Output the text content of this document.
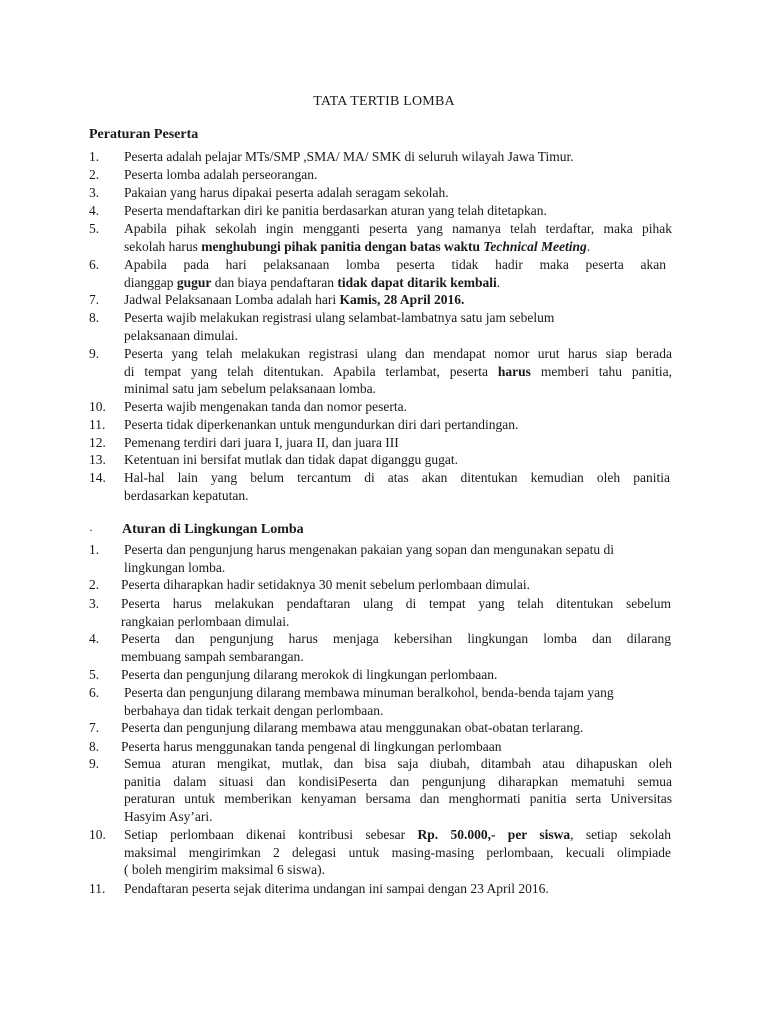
TATA TERTIB LOMBA
Peraturan Peserta
1. Peserta adalah pelajar MTs/SMP ,SMA/ MA/ SMK di seluruh wilayah Jawa Timur.
2. Peserta lomba adalah perseorangan.
3. Pakaian yang harus dipakai peserta adalah seragam sekolah.
4. Peserta mendaftarkan diri ke panitia berdasarkan aturan yang telah ditetapkan.
5. Apabila pihak sekolah ingin mengganti peserta yang namanya telah terdaftar, maka pihak
sekolah harus menghubungi pihak panitia dengan batas waktu Technical Meeting.
6. Apabila pada hari pelaksanaan lomba peserta tidak hadir maka peserta akan
dianggap gugur dan biaya pendaftaran tidak dapat ditarik kembali.
7. Jadwal Pelaksanaan Lomba adalah hari Kamis, 28 April 2016.
8. Peserta wajib melakukan registrasi ulang selambat-lambatnya satu jam sebelum
pelaksanaan dimulai.
9. Peserta yang telah melakukan registrasi ulang dan mendapat nomor urut harus siap berada
di tempat yang telah ditentukan. Apabila terlambat, peserta harus memberi tahu panitia,
minimal satu jam sebelum pelaksanaan lomba.
10. Peserta wajib mengenakan tanda dan nomor peserta.
11. Peserta tidak diperkenankan untuk mengundurkan diri dari pertandingan.
12. Pemenang terdiri dari juara I, juara II, dan juara III
13. Ketentuan ini bersifat mutlak dan tidak dapat diganggu gugat.
14. Hal-hal lain yang belum tercantum di atas akan ditentukan kemudian oleh panitia
berdasarkan kepatutan.
· Aturan di Lingkungan Lomba
1. Peserta dan pengunjung harus mengenakan pakaian yang sopan dan mengunakan sepatu di
lingkungan lomba.
2. Peserta diharapkan hadir setidaknya 30 menit sebelum perlombaan dimulai.
3. Peserta harus melakukan pendaftaran ulang di tempat yang telah ditentukan sebelum
rangkaian perlombaan dimulai.
4. Peserta dan pengunjung harus menjaga kebersihan lingkungan lomba dan dilarang
membuang sampah sembarangan.
5. Peserta dan pengunjung dilarang merokok di lingkungan perlombaan.
6. Peserta dan pengunjung dilarang membawa minuman beralkohol, benda-benda tajam yang
berbahaya dan tidak terkait dengan perlombaan.
7. Peserta dan pengunjung dilarang membawa atau menggunakan obat-obatan terlarang.
8. Peserta harus menggunakan tanda pengenal di lingkungan perlombaan
9. Semua aturan mengikat, mutlak, dan bisa saja diubah, ditambah atau dihapuskan oleh
panitia dalam situasi dan kondisiPeserta dan pengunjung diharapkan mematuhi semua
peraturan untuk memberikan kenyaman bersama dan menghormati panitia serta Universitas
Hasyim Asy’ari.
10. Setiap perlombaan dikenai kontribusi sebesar Rp. 50.000,- per siswa, setiap sekolah
maksimal mengirimkan 2 delegasi untuk masing-masing perlombaan, kecuali olimpiade
( boleh mengirim maksimal 6 siswa).
11. Pendaftaran peserta sejak diterima undangan ini sampai dengan 23 April 2016.
